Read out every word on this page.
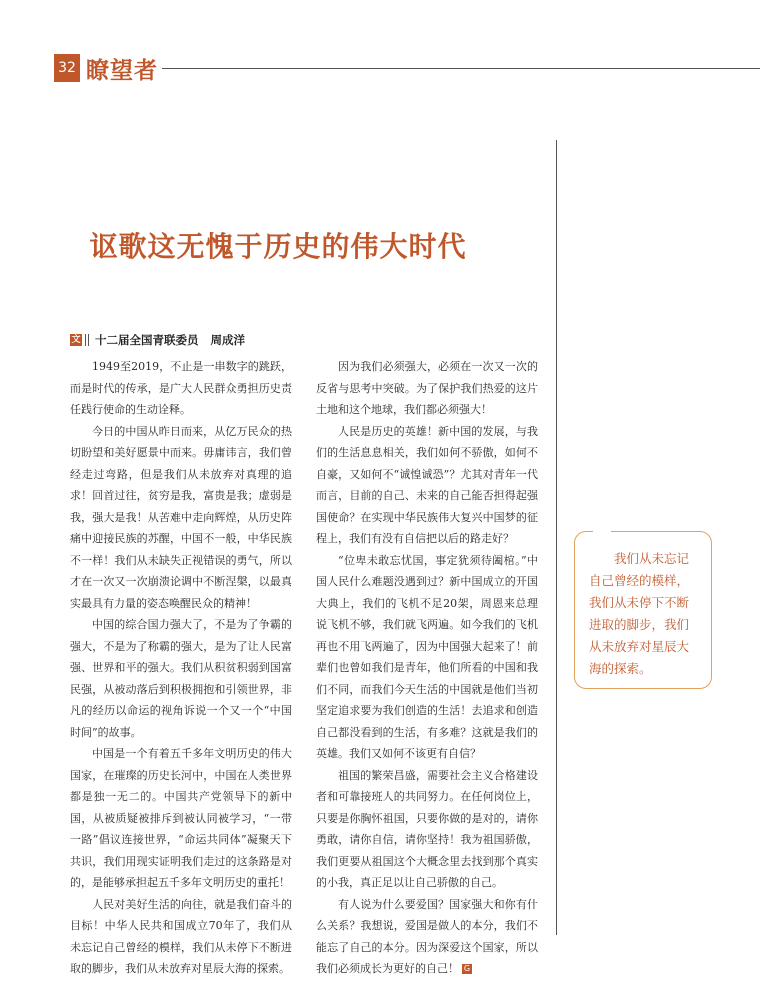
32 瞭望者
讴歌这无愧于历史的伟大时代
文 十二届全国青联委员 周成洋

1949至2019，不止是一串数字的跳跃，而是时代的传承，是广大人民群众勇担历史责任践行使命的生动诠释。

今日的中国从昨日而来，从亿万民众的热切盼望和美好愿景中而来。毋庸讳言，我们曾经走过弯路，但是我们从未放弃对真理的追求！回首过往，贫穷是我，富贵是我；虚弱是我，强大是我！从苦难中走向辉煌，从历史阵痛中迎接民族的苏醒，中国不一般，中华民族不一样！我们从未缺失正视错误的勇气，所以才在一次又一次崩溃论调中不断涅槃，以最真实最具有力量的姿态唤醒民众的精神！

中国的综合国力强大了，不是为了争霸的强大，不是为了称霸的强大，是为了让人民富强、世界和平的强大。我们从积贫积弱到国富民强，从被动落后到积极拥抱和引领世界，非凡的经历以命运的视角诉说一个又一个“中国时间”的故事。

中国是一个有着五千多年文明历史的伟大国家，在璀璨的历史长河中，中国在人类世界都是独一无二的。中国共产党领导下的新中国，从被质疑被排斥到被认同被学习，“一带一路”倡议连接世界，“命运共同体”凝聚天下共识，我们用现实证明我们走过的这条路是对的，是能够承担起五千多年文明历史的重托！

人民对美好生活的向往，就是我们奋斗的目标！中华人民共和国成立70年了，我们从未忘记自己曾经的模样，我们从未停下不断进取的脚步，我们从未放弃对星辰大海的探索。

因为我们必须强大，必须在一次又一次的反省与思考中突破。为了保护我们热爱的这片土地和这个地球，我们都必须强大！

人民是历史的英雄！新中国的发展，与我们的生活息息相关，我们如何不骄傲，如何不自豪，又如何不“诚惶诚恐”？尤其对青年一代而言，目前的自己、未来的自己能否担得起强国使命？在实现中华民族伟大复兴中国梦的征程上，我们有没有自信把以后的路走好？

“位卑未敢忘忧国，事定犹须待阖棺。”中国人民什么难题没遇到过？新中国成立的开国大典上，我们的飞机不足20架，周恩来总理说飞机不够，我们就飞两遍。如今我们的飞机再也不用飞两遍了，因为中国强大起来了！前辈们也曾如我们是青年，他们所看的中国和我们不同，而我们今天生活的中国就是他们当初坚定追求要为我们创造的生活！去追求和创造自己都没看到的生活，有多难？这就是我们的英雄。我们又如何不该更有自信？

祖国的繁荣昌盛，需要社会主义合格建设者和可靠接班人的共同努力。在任何岗位上，只要是你胸怀祖国，只要你做的是对的，请你勇敢，请你自信，请你坚持！我为祖国骄傲，我们更要从祖国这个大概念里去找到那个真实的小我，真正足以让自己骄傲的自己。

有人说为什么要爱国？国家强大和你有什么关系？我想说，爱国是做人的本分，我们不能忘了自己的本分。因为深爱这个国家，所以我们必须成长为更好的自己！ G

我们从未忘记自己曾经的模样，我们从未停下不断进取的脚步，我们从未放弃对星辰大海的探索。
